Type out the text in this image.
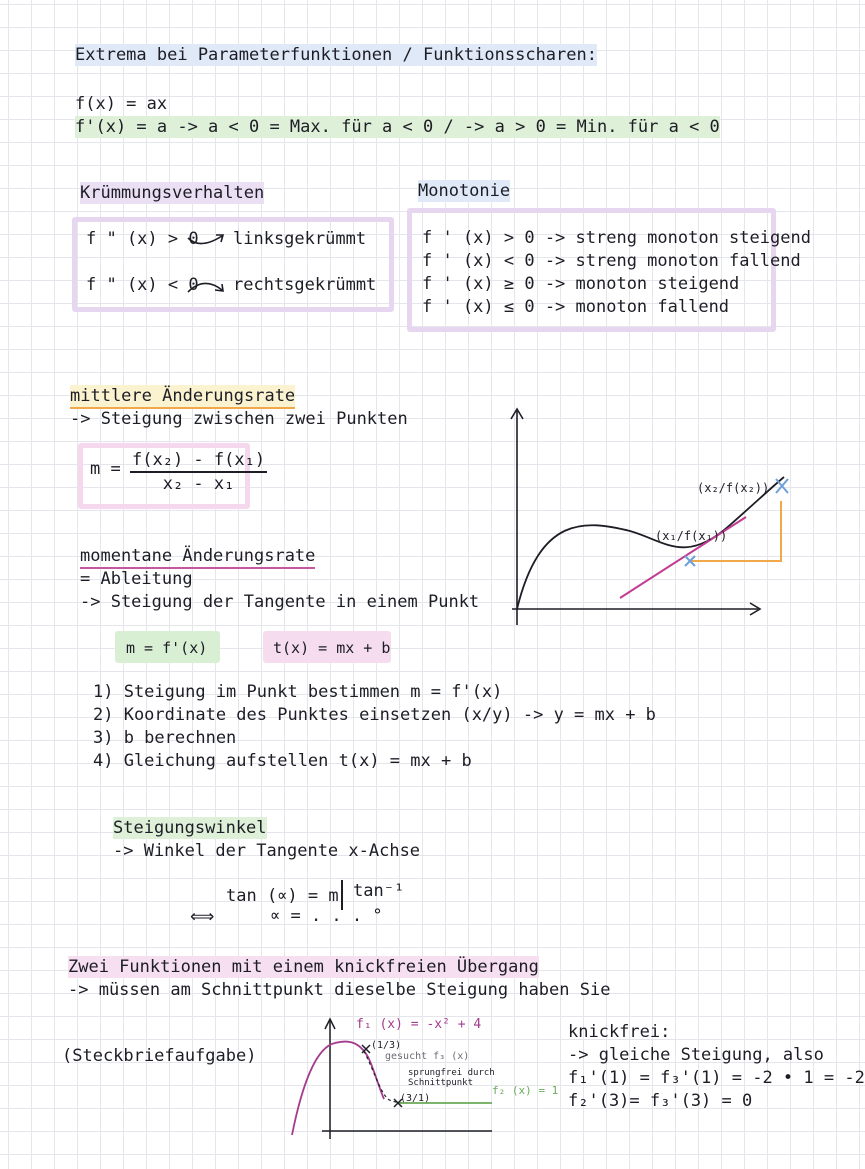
Extrema bei Parameterfunktionen / Funktionsscharen:
f(x) = ax
f'(x) = a -> a < 0 = Max. für a < 0 / -> a > 0 = Min. für a < 0
Krümmungsverhalten
f " (x) > 0 linksgekrümmt
f " (x) < 0 rechtsgekrümmt
Monotonie
f ' (x) > 0 -> streng monoton steigend
f ' (x) < 0 -> streng monoton fallend
f ' (x) ≥ 0 -> monoton steigend
f ' (x) ≤ 0 -> monoton fallend
mittlere Änderungsrate
-> Steigung zwischen zwei Punkten
$m = \frac{\text{f(x₂) - f(x₁)}}{\text{x₂ - x₁}}$
(x₁/f(x₁))
(x₂/f(x₂))
momentane Änderungsrate
= Ableitung
-> Steigung der Tangente in einem Punkt
m = f'(x)	t(x) = mx + b
1) Steigung im Punkt bestimmen m = f'(x)
2) Koordinate des Punktes einsetzen (x/y) -> y = mx + b
3) b berechnen
4) Gleichung aufstellen t(x) = mx + b
Steigungswinkel
-> Winkel der Tangente x-Achse
tan (∝) = m tan⁻¹
⟺	∝ = . . . °
Zwei Funktionen mit einem knickfreien Übergang
-> müssen am Schnittpunkt dieselbe Steigung haben Sie
(Steckbriefaufgabe)
f₁ (x) = -x² + 4
(1/3)
gesucht f₃ (x)
sprungfrei durch Schnittpunkt
(3/1)
f₂ (x) = 1
knickfrei:
-> gleiche Steigung, also
f₁'(1) = f₃'(1) = -2 • 1 = -2
f₂'(3)= f₃'(3) = 0
